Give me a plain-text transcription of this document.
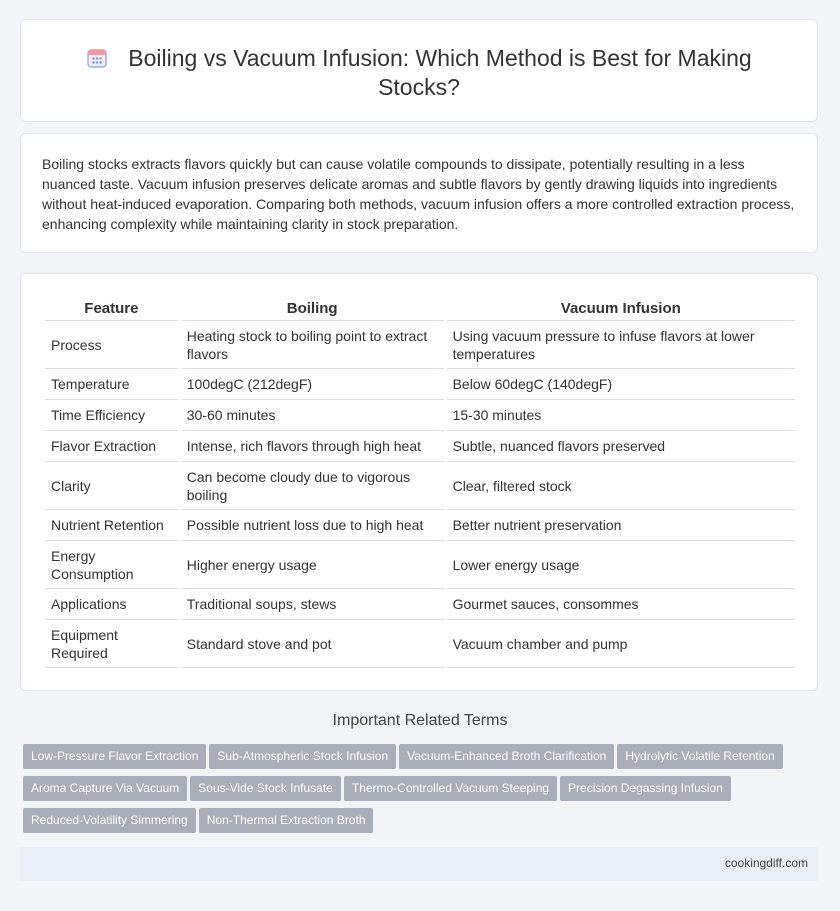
Boiling vs Vacuum Infusion: Which Method is Best for Making Stocks?

Boiling stocks extracts flavors quickly but can cause volatile compounds to dissipate, potentially resulting in a less nuanced taste. Vacuum infusion preserves delicate aromas and subtle flavors by gently drawing liquids into ingredients without heat-induced evaporation. Comparing both methods, vacuum infusion offers a more controlled extraction process, enhancing complexity while maintaining clarity in stock preparation.

Feature	Boiling	Vacuum Infusion
Process	Heating stock to boiling point to extract flavors	Using vacuum pressure to infuse flavors at lower temperatures
Temperature	100degC (212degF)	Below 60degC (140degF)
Time Efficiency	30-60 minutes	15-30 minutes
Flavor Extraction	Intense, rich flavors through high heat	Subtle, nuanced flavors preserved
Clarity	Can become cloudy due to vigorous boiling	Clear, filtered stock
Nutrient Retention	Possible nutrient loss due to high heat	Better nutrient preservation
Energy Consumption	Higher energy usage	Lower energy usage
Applications	Traditional soups, stews	Gourmet sauces, consommes
Equipment Required	Standard stove and pot	Vacuum chamber and pump
Important Related Terms
Low-Pressure Flavor Extraction Sub-Atmospheric Stock Infusion Vacuum-Enhanced Broth Clarification Hydrolytic Volatile RetentionAroma Capture Via Vacuum Sous-Vide Stock Infusate Thermo-Controlled Vacuum Steeping Precision Degassing InfusionReduced-Volatility Simmering Non-Thermal Extraction Broth
cookingdiff.com
